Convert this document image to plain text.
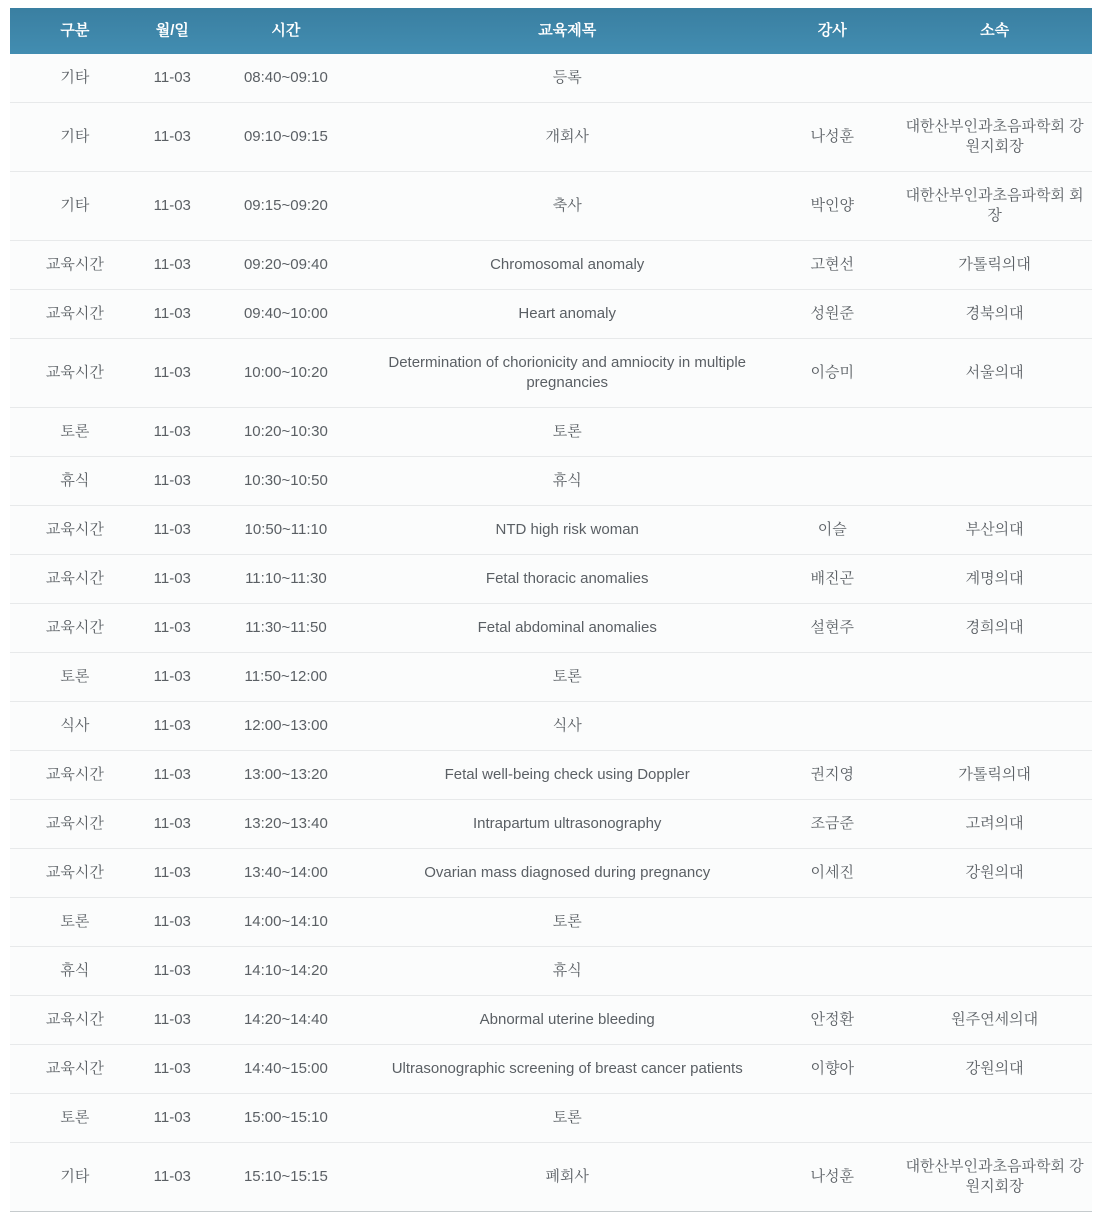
구분	월/일	시간	교육제목	강사	소속
기타	11-03	08:40~09:10	등록		
기타	11-03	09:10~09:15	개회사	나성훈	대한산부인과초음파학회 강원지회장
기타	11-03	09:15~09:20	축사	박인양	대한산부인과초음파학회 회장
교육시간	11-03	09:20~09:40	Chromosomal anomaly	고현선	가톨릭의대
교육시간	11-03	09:40~10:00	Heart anomaly	성원준	경북의대
교육시간	11-03	10:00~10:20	Determination of chorionicity and amniocity in multiple pregnancies	이승미	서울의대
토론	11-03	10:20~10:30	토론		
휴식	11-03	10:30~10:50	휴식		
교육시간	11-03	10:50~11:10	NTD high risk woman	이슬	부산의대
교육시간	11-03	11:10~11:30	Fetal thoracic anomalies	배진곤	계명의대
교육시간	11-03	11:30~11:50	Fetal abdominal anomalies	설현주	경희의대
토론	11-03	11:50~12:00	토론		
식사	11-03	12:00~13:00	식사		
교육시간	11-03	13:00~13:20	Fetal well-being check using Doppler	권지영	가톨릭의대
교육시간	11-03	13:20~13:40	Intrapartum ultrasonography	조금준	고려의대
교육시간	11-03	13:40~14:00	Ovarian mass diagnosed during pregnancy	이세진	강원의대
토론	11-03	14:00~14:10	토론		
휴식	11-03	14:10~14:20	휴식		
교육시간	11-03	14:20~14:40	Abnormal uterine bleeding	안정환	원주연세의대
교육시간	11-03	14:40~15:00	Ultrasonographic screening of breast cancer patients	이향아	강원의대
토론	11-03	15:00~15:10	토론		
기타	11-03	15:10~15:15	폐회사	나성훈	대한산부인과초음파학회 강원지회장
